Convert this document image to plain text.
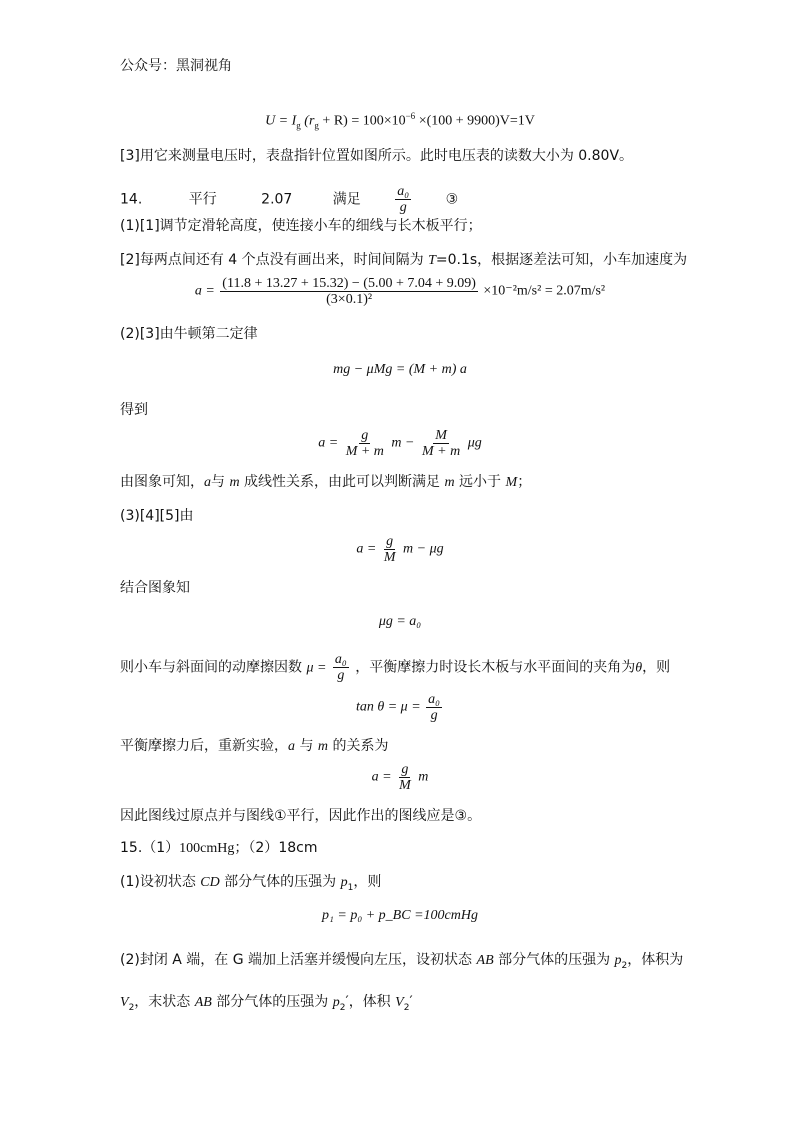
公众号：黑洞视角
$U = I_g$ $(r_g + R) = 100\times 10^{-6} \times(100 + 9900)V=1V$
[3]用它来测量电压时，表盘指针位置如图所示。此时电压表的读数大小为 0.80V。
14.	平行	2.07	满足 $\frac{\text{a₀}}{g}$ ③
(1)[1]调节定滑轮高度，使连接小车的细线与长木板平行；
[2]每两点间还有 4 个点没有画出来，时间间隔为 T=0.1s，根据逐差法可知，小车加速度为
$a = \frac{(11.8 + 13.27 + 15.32) - (5.00 + 7.04 + 9.09)}{\text{(3×0.1)²}} \times 10^{-2}m/s^2 = 2.07m/s^2$
(2)[3]由牛顿第二定律
mg − μMg = (M + m) a
得到
$a = \frac{g}{M + m}$ $m - \frac{M}{M + m}$ μg
由图象可知，a与 m 成线性关系，由此可以判断满足 m 远小于 M；
(3)[4][5]由
$a = \frac{g}{M}$ m − μg
结合图象知
μg = a₀
则小车与斜面间的动摩擦因数 $\mu = \frac{\text{a₀}}{g}$ ，平衡摩擦力时设长木板与水平面间的夹角为θ，则
$\tan \theta = \mu = \frac{\text{a₀}}{g}$
平衡摩擦力后，重新实验，a 与 m 的关系为
$a = \frac{g}{M}$ m
因此图线过原点并与图线①平行，因此作出的图线应是③。
15.（1）100cmHg；（2）18cm
(1)设初状态 CD 部分气体的压强为 $p_1$，则
p₁ = p₀ + p_BC =100cmHg
(2)封闭 A 端，在 G 端加上活塞并缓慢向左压，设初状态 AB 部分气体的压强为 $p_2$，体积为
$V_2$，末状态 AB 部分气体的压强为 $p_2'$，体积 $V_2'$
